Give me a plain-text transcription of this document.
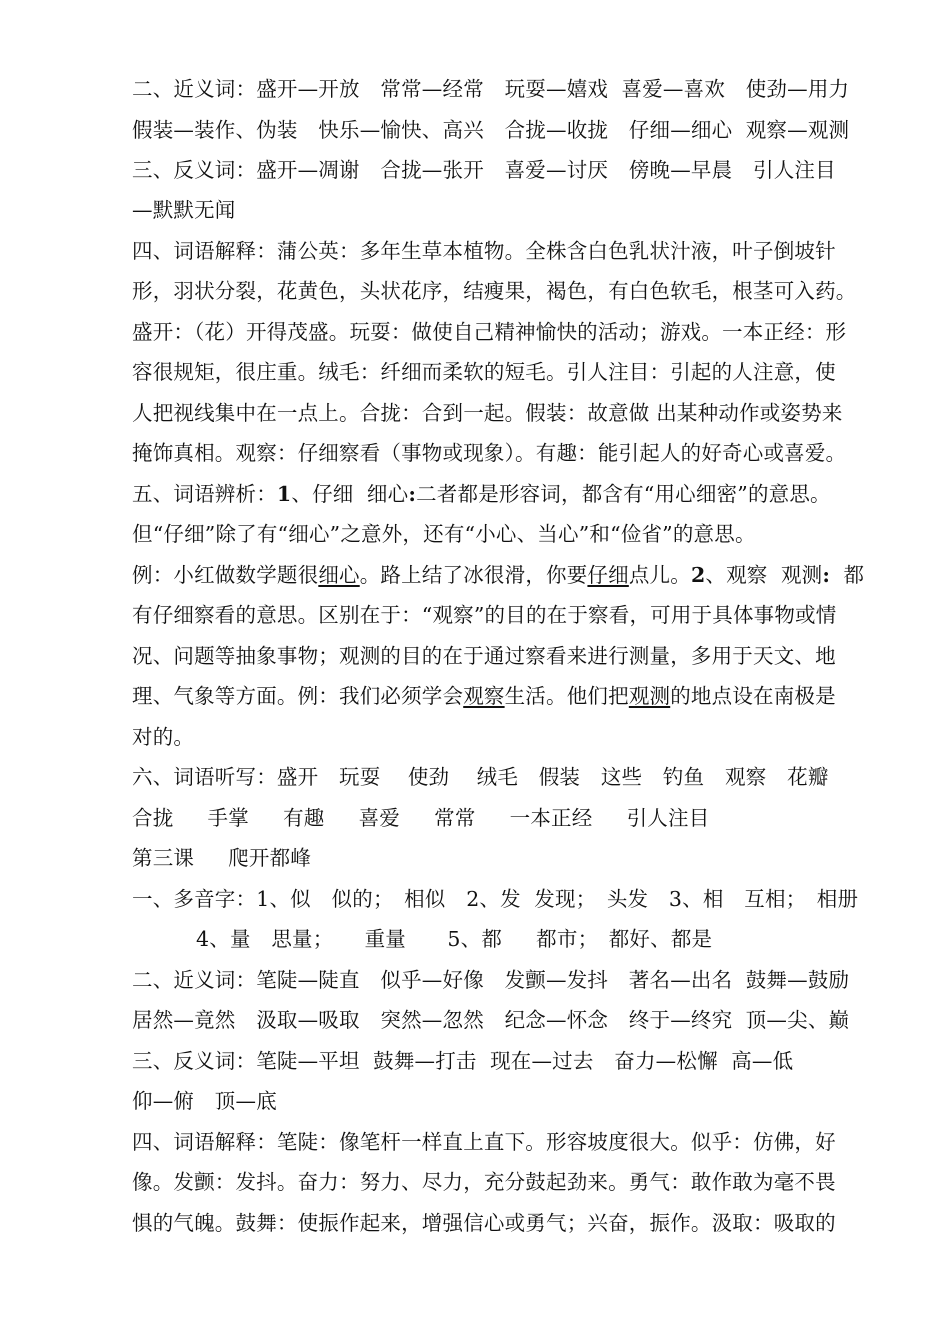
二、近义词：盛开—开放　常常—经常　玩耍—嬉戏  喜爱—喜欢　使劲—用力
假装—装作、伪装　快乐—愉快、高兴　合拢—收拢　仔细—细心  观察—观测
三、反义词：盛开—凋谢　合拢—张开　喜爱—讨厌　傍晚—早晨　引人注目
—默默无闻
四、词语解释：蒲公英：多年生草本植物。全株含白色乳状汁液，叶子倒坡针
形，羽状分裂，花黄色，头状花序，结瘦果，褐色，有白色软毛，根茎可入药。
盛开：（花）开得茂盛。玩耍：做使自己精神愉快的活动；游戏。一本正经：形
容很规矩，很庄重。绒毛：纤细而柔软的短毛。引人注目：引起的人注意，使
人把视线集中在一点上。合拢：合到一起。假装：故意做 出某种动作或姿势来
掩饰真相。观察：仔细察看（事物或现象）。有趣：能引起人的好奇心或喜爱。
五、词语辨析：1、仔细  细心:二者都是形容词，都含有“用心细密”的意思。
但“仔细”除了有“细心”之意外，还有“小心、当心”和“俭省”的意思。
例：小红做数学题很细心。路上结了冰很滑，你要仔细点儿。2、观察  观测:  都
有仔细察看的意思。区别在于：“观察”的目的在于察看，可用于具体事物或情
况、问题等抽象事物；观测的目的在于通过察看来进行测量，多用于天文、地
理、气象等方面。例：我们必须学会观察生活。他们把观测的地点设在南极是
对的。
六、词语听写：盛开　玩耍　 使劲　 绒毛　假装　这些　钓鱼　观察　花瓣
合拢　  手掌　  有趣　  喜爱　  常常　  一本正经　  引人注目
第三课　  爬开都峰
一、多音字：1、似　似的；　相似　2、发  发现；　头发　3、相　互相；　相册
4、量　思量；　　重量　　5、都　  都市；　都好、都是
二、近义词：笔陡—陡直　似乎—好像　发颤—发抖　著名—出名  鼓舞—鼓励
居然—竟然　汲取—吸取　突然—忽然　纪念—怀念　终于—终究  顶—尖、巅
三、反义词：笔陡—平坦  鼓舞—打击  现在—过去　奋力—松懈  高—低
仰—俯　顶—底
四、词语解释：笔陡：像笔杆一样直上直下。形容坡度很大。似乎：仿佛，好
像。发颤：发抖。奋力：努力、尽力，充分鼓起劲来。勇气：敢作敢为毫不畏
惧的气魄。鼓舞：使振作起来，增强信心或勇气；兴奋，振作。汲取：吸取的
